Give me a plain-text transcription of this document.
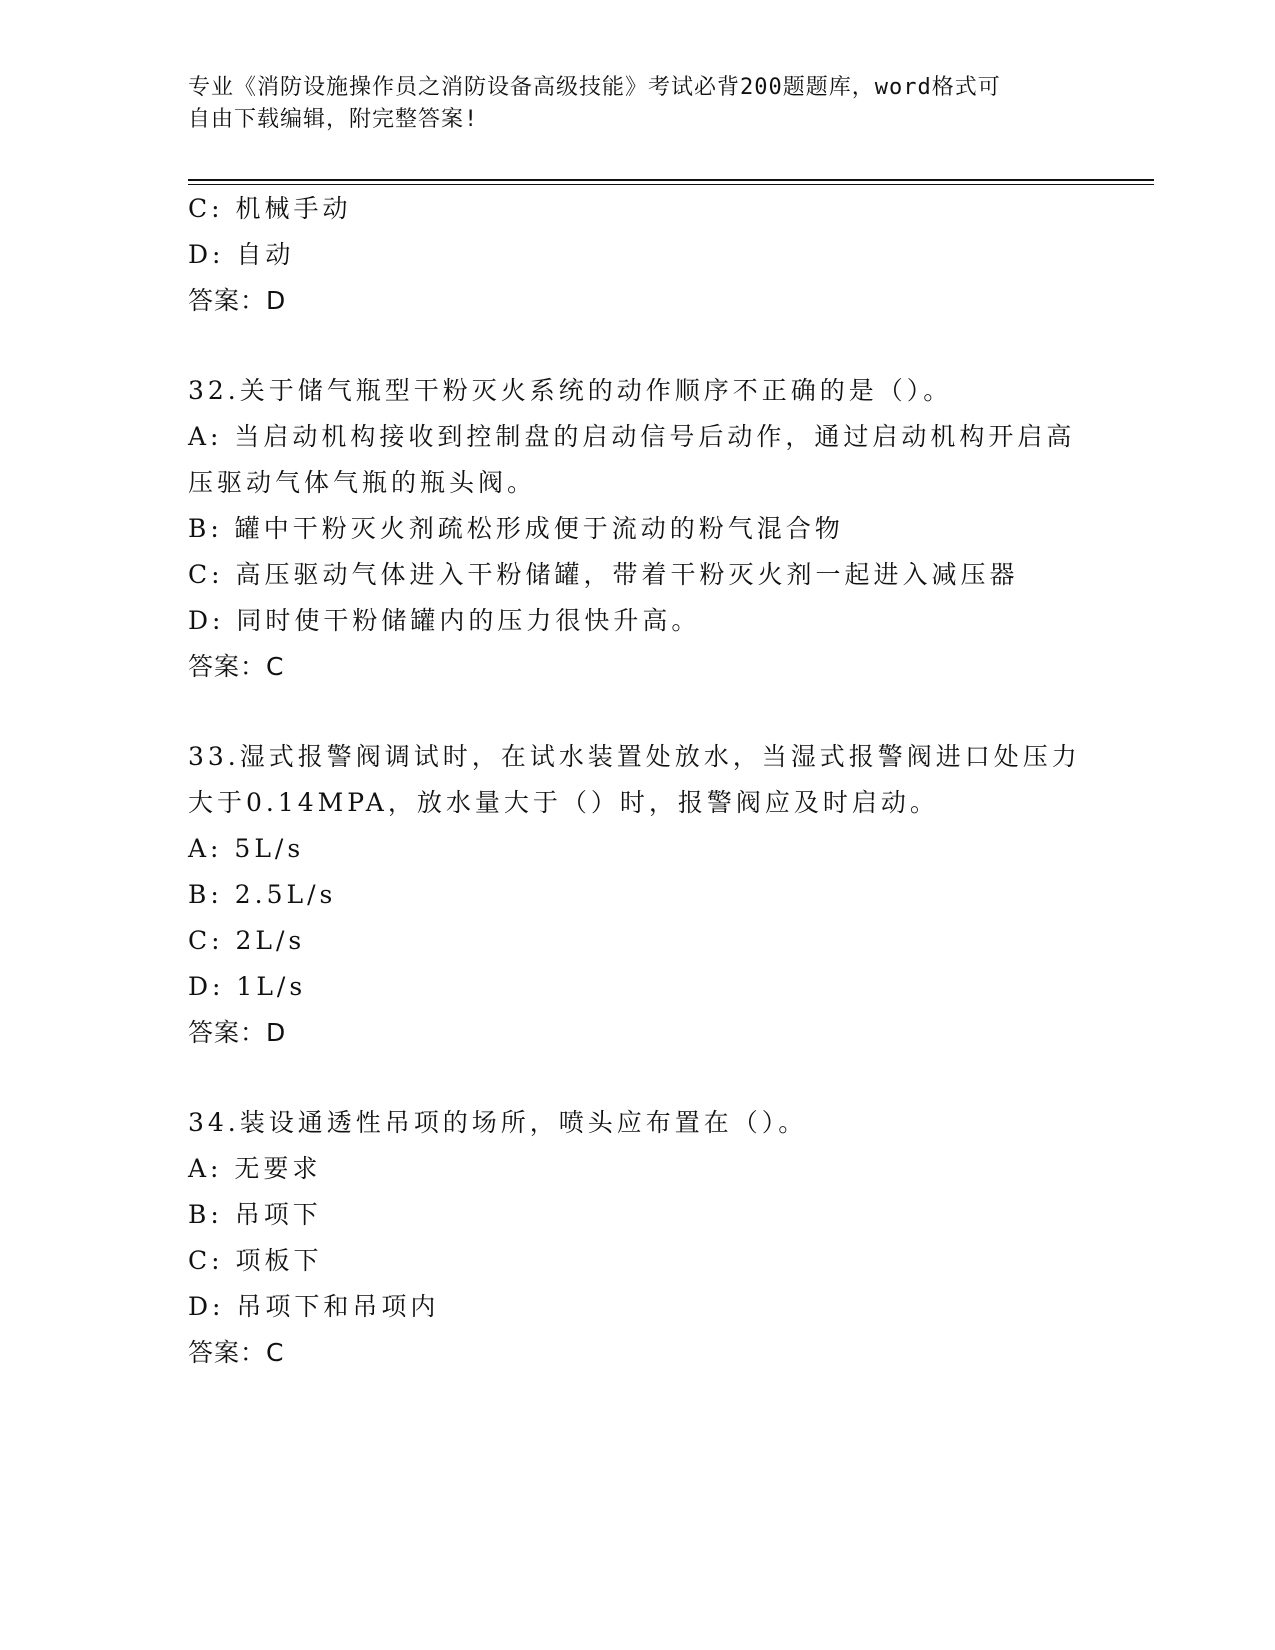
专业《消防设施操作员之消防设备高级技能》考试必背200题题库，word格式可
自由下载编辑，附完整答案!
C: 机械手动
D: 自动
答案：D
32.关于储气瓶型干粉灭火系统的动作顺序不正确的是（）。
A: 当启动机构接收到控制盘的启动信号后动作，通过启动机构开启高
压驱动气体气瓶的瓶头阀。
B: 罐中干粉灭火剂疏松形成便于流动的粉气混合物
C: 高压驱动气体进入干粉储罐，带着干粉灭火剂一起进入减压器
D: 同时使干粉储罐内的压力很快升高。
答案：C
33.湿式报警阀调试时，在试水装置处放水，当湿式报警阀进口处压力
大于0.14MPA，放水量大于（）时，报警阀应及时启动。
A: 5L/s
B: 2.5L/s
C: 2L/s
D: 1L/s
答案：D
34.装设通透性吊项的场所，喷头应布置在（）。
A: 无要求
B: 吊项下
C: 项板下
D: 吊项下和吊项内
答案：C
